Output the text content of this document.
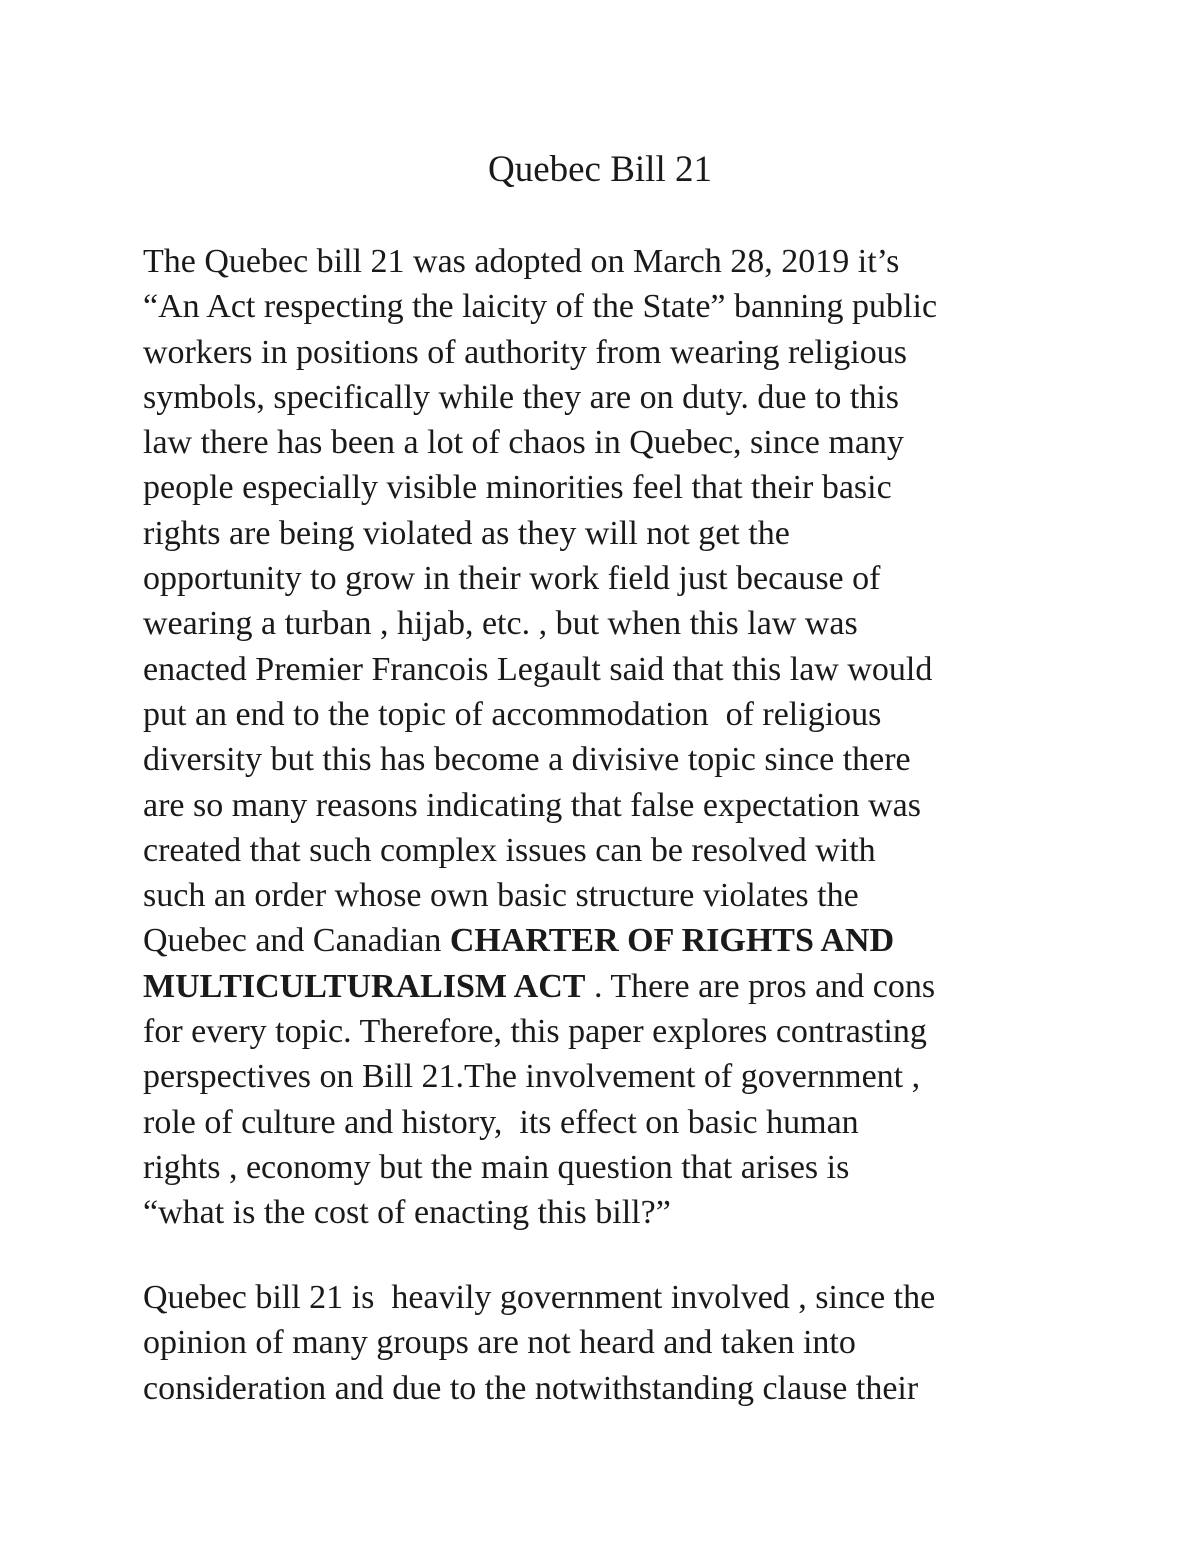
Quebec Bill 21

The Quebec bill 21 was adopted on March 28, 2019 it’s
“An Act respecting the laicity of the State” banning public
workers in positions of authority from wearing religious
symbols, specifically while they are on duty. due to this
law there has been a lot of chaos in Quebec, since many
people especially visible minorities feel that their basic
rights are being violated as they will not get the
opportunity to grow in their work field just because of
wearing a turban , hijab, etc. , but when this law was
enacted Premier Francois Legault said that this law would
put an end to the topic of accommodation  of religious
diversity but this has become a divisive topic since there
are so many reasons indicating that false expectation was
created that such complex issues can be resolved with
such an order whose own basic structure violates the
Quebec and Canadian CHARTER OF RIGHTS AND
MULTICULTURALISM ACT . There are pros and cons
for every topic. Therefore, this paper explores contrasting
perspectives on Bill 21.The involvement of government ,
role of culture and history,  its effect on basic human
rights , economy but the main question that arises is
“what is the cost of enacting this bill?”

Quebec bill 21 is  heavily government involved , since the
opinion of many groups are not heard and taken into
consideration and due to the notwithstanding clause their
